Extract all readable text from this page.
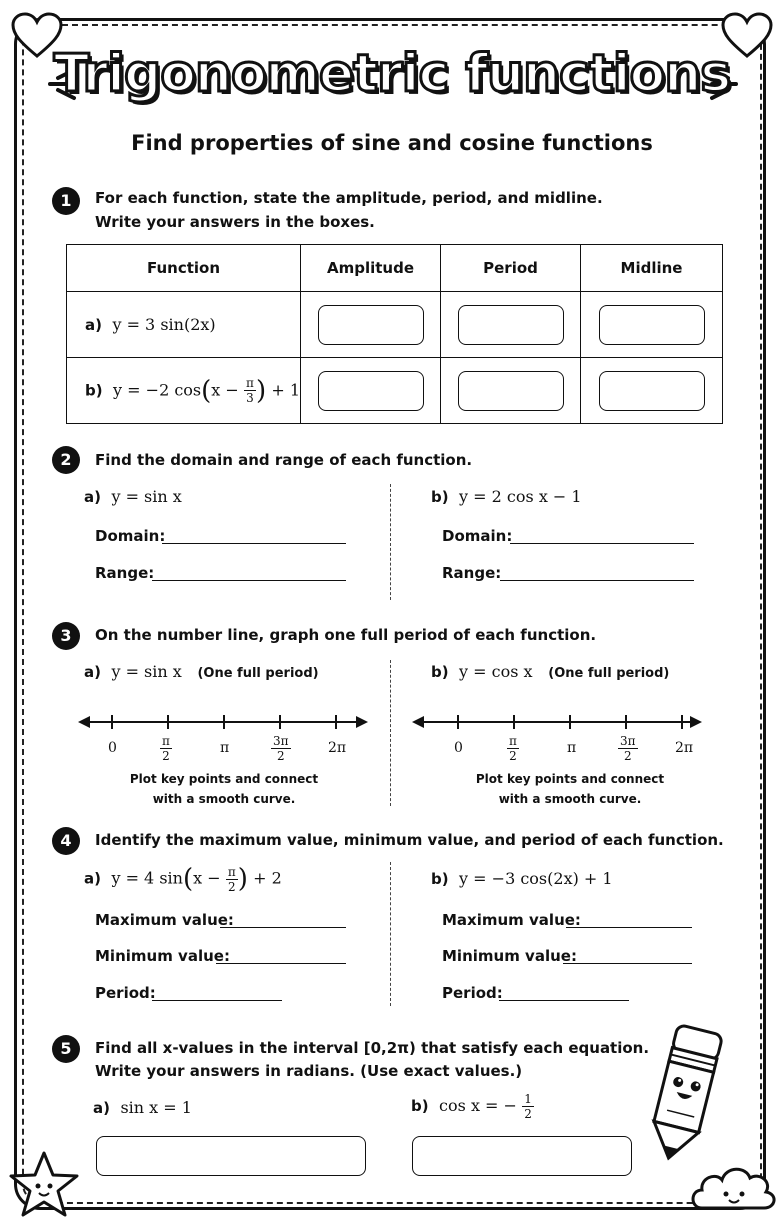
Trigonometric functions
Find properties of sine and cosine functions
1	For each function, state the amplitude, period, and midline.
Write your answers in the boxes.
Function	Amplitude	Period	Midline
a) y = 3 sin(2x)	

b) y = −2 $\cos(x - \frac{\pi}{3}$ ) + 1	

2	Find the domain and range of each function.
a) y = sin x
Domain:
Range:
b) y = 2 cos x − 1
Domain:
Range:
3	On the number line, graph one full period of each function.
a) y = sin x (One full period)	b) y = cos x (One full period)
0	$\frac{\pi}{2}$	π	$\frac{3\pi}{2}$	2π
Plot key points and connect
with a smooth curve.
0	$\frac{\pi}{2}$	π	$\frac{3\pi}{2}$	2π
Plot key points and connect
with a smooth curve.
4	Identify the maximum value, minimum value, and period of each function.
a) y = 4 $\sin(x - \frac{\pi}{2}$ ) + 2	b) y = −3 cos(2x) + 1
Maximum value:
Minimum value:
Period:
Maximum value:
Minimum value:
Period:
5	Find all x-values in the interval [0,2π) that satisfy each equation.
Write your answers in radians. (Use exact values.)
a) sin x = 1	b) cos x = − $\frac{1}{2}$
